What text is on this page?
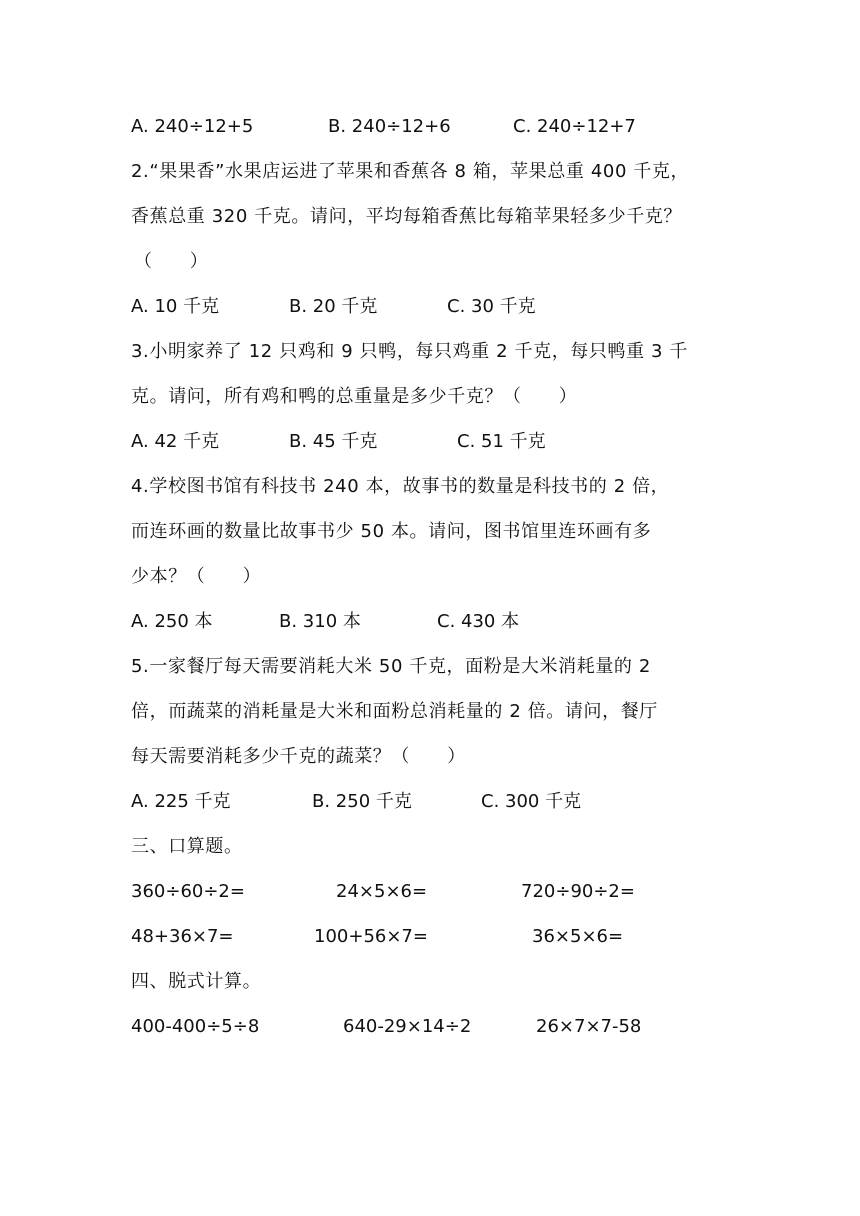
A. 240÷12+5	B. 240÷12+6	C. 240÷12+7
2.“果果香”水果店运进了苹果和香蕉各 8 箱，苹果总重 400 千克，
香蕉总重 320 千克。请问，平均每箱香蕉比每箱苹果轻多少千克？
（　　）
A. 10 千克	B. 20 千克	C. 30 千克
3.小明家养了 12 只鸡和 9 只鸭，每只鸡重 2 千克，每只鸭重 3 千
克。请问，所有鸡和鸭的总重量是多少千克？（　　）
A. 42 千克	B. 45 千克	C. 51 千克
4.学校图书馆有科技书 240 本，故事书的数量是科技书的 2 倍，
而连环画的数量比故事书少 50 本。请问，图书馆里连环画有多
少本？（　　）
A. 250 本	B. 310 本	C. 430 本
5.一家餐厅每天需要消耗大米 50 千克，面粉是大米消耗量的 2
倍，而蔬菜的消耗量是大米和面粉总消耗量的 2 倍。请问，餐厅
每天需要消耗多少千克的蔬菜？（　　）
A. 225 千克	B. 250 千克	C. 300 千克
三、口算题。
360÷60÷2=	24×5×6=	720÷90÷2=
48+36×7=	100+56×7=	36×5×6=
四、脱式计算。
400-400÷5÷8	640-29×14÷2	26×7×7-58
